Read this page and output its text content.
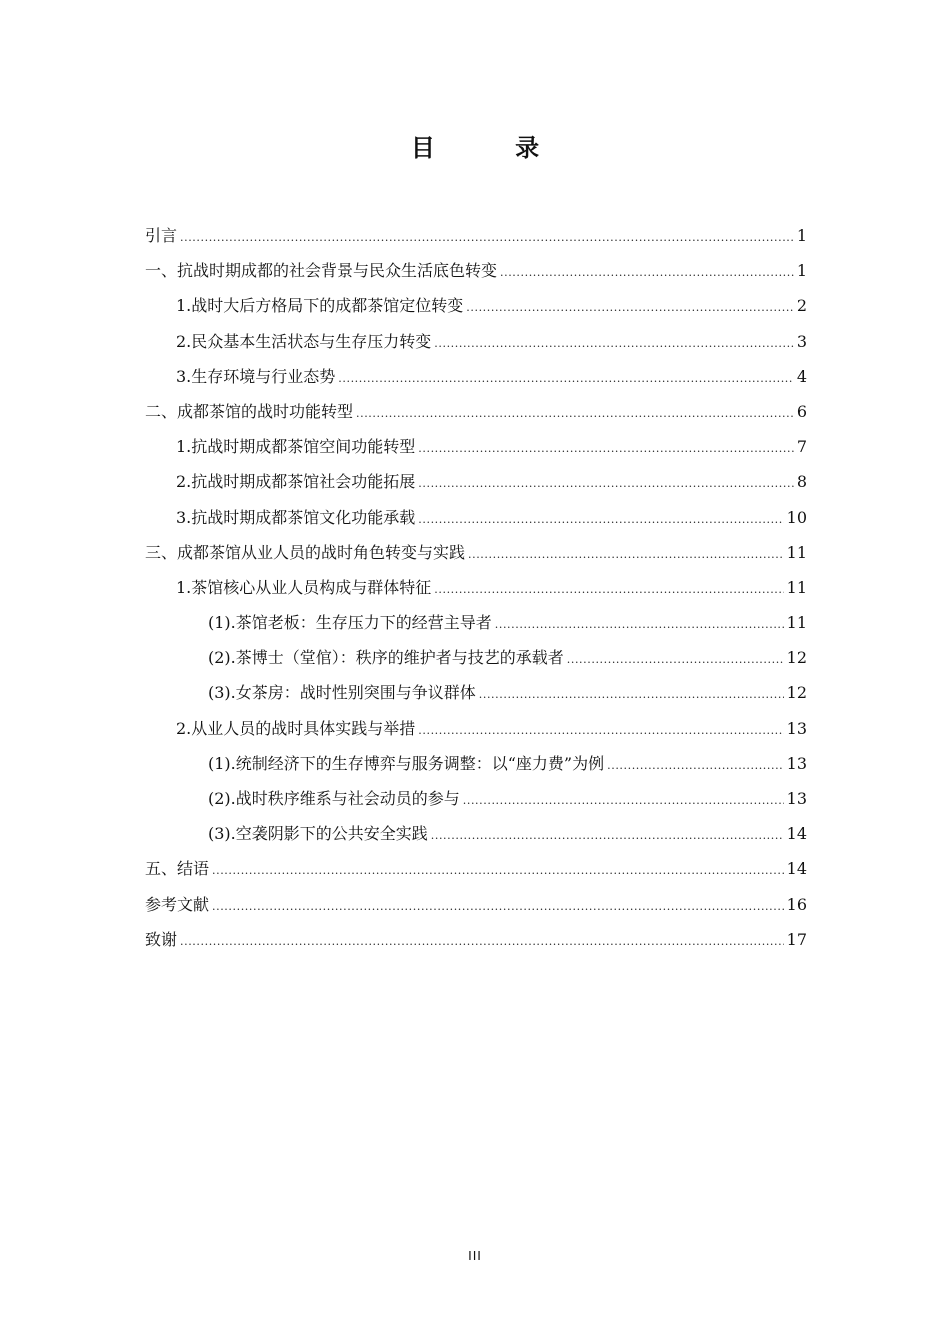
目 录
引言 .....	1
一、抗战时期成都的社会背景与民众生活底色转变 .....	1
1.战时大后方格局下的成都茶馆定位转变 .....	2
2.民众基本生活状态与生存压力转变 .....	3
3.生存环境与行业态势 .....	4
二、成都茶馆的战时功能转型 .....	6
1.抗战时期成都茶馆空间功能转型 .....	7
2.抗战时期成都茶馆社会功能拓展 .....	8
3.抗战时期成都茶馆文化功能承载 .....	10
三、成都茶馆从业人员的战时角色转变与实践 .....	11
1.茶馆核心从业人员构成与群体特征 .....	11
(1).茶馆老板：生存压力下的经营主导者 .....	11
(2).茶博士（堂倌）：秩序的维护者与技艺的承载者 .....	12
(3).女茶房：战时性别突围与争议群体 .....	12
2.从业人员的战时具体实践与举措 .....	13
(1).统制经济下的生存博弈与服务调整：以“座力费”为例 .....	13
(2).战时秩序维系与社会动员的参与 .....	13
(3).空袭阴影下的公共安全实践 .....	14
五、结语 .....	14
参考文献 .....	16
致谢 .....	17
III
